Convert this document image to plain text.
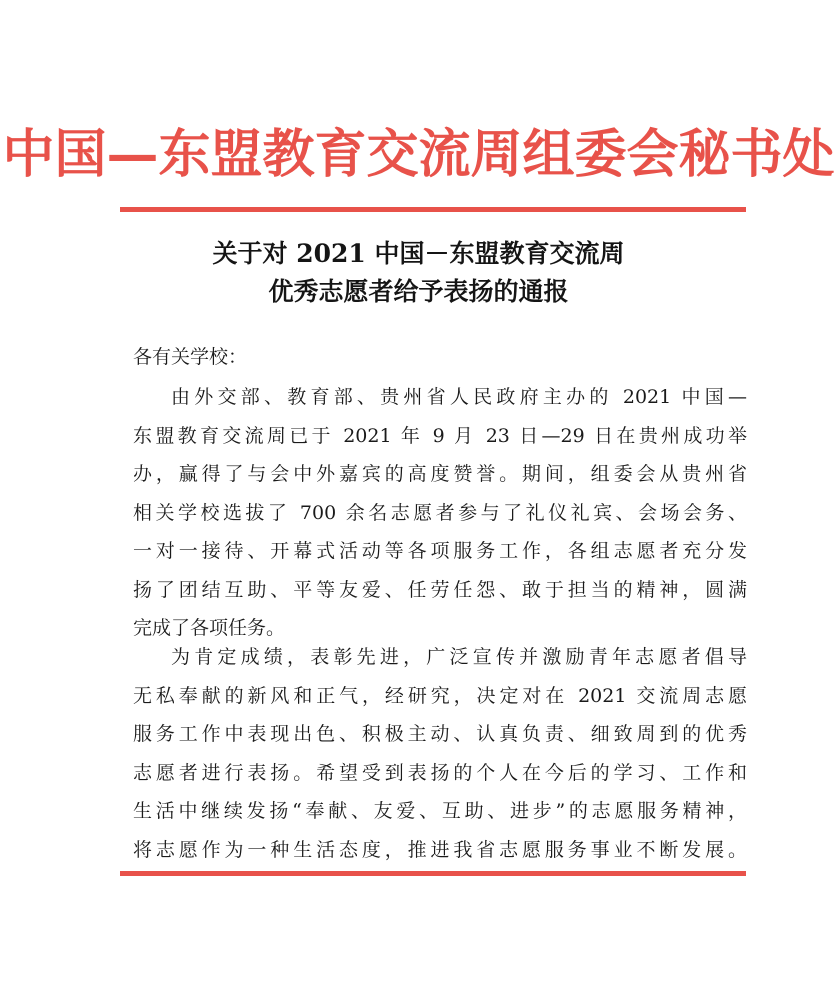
中国—东盟教育交流周组委会秘书处
关于对 2021 中国－东盟教育交流周
优秀志愿者给予表扬的通报
各有关学校：
由外交部、教育部、贵州省人民政府主办的 2021 中国—
东盟教育交流周已于 2021 年 9 月 23 日—29 日在贵州成功举
办，赢得了与会中外嘉宾的高度赞誉。期间，组委会从贵州省
相关学校选拔了 700 余名志愿者参与了礼仪礼宾、会场会务、
一对一接待、开幕式活动等各项服务工作，各组志愿者充分发
扬了团结互助、平等友爱、任劳任怨、敢于担当的精神，圆满
完成了各项任务。
为肯定成绩，表彰先进，广泛宣传并激励青年志愿者倡导
无私奉献的新风和正气，经研究，决定对在 2021 交流周志愿
服务工作中表现出色、积极主动、认真负责、细致周到的优秀
志愿者进行表扬。希望受到表扬的个人在今后的学习、工作和
生活中继续发扬“奉献、友爱、互助、进步”的志愿服务精神，
将志愿作为一种生活态度，推进我省志愿服务事业不断发展。
